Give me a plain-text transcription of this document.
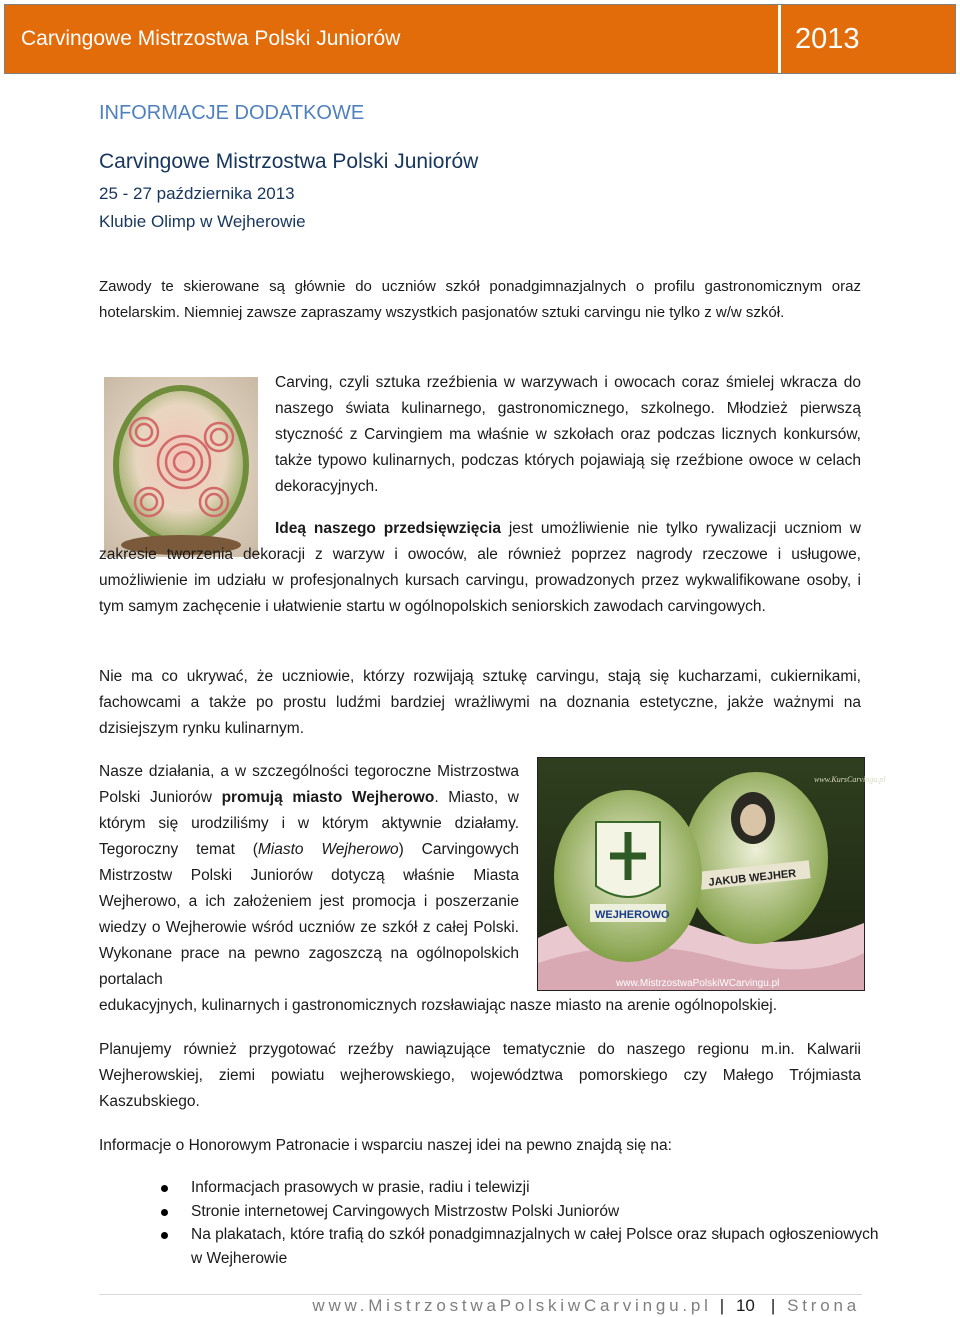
Carvingowe Mistrzostwa Polski Juniorów	2013
INFORMACJE DODATKOWE
Carvingowe Mistrzostwa Polski Juniorów
25 - 27 października 2013
Klubie Olimp w Wejherowie
Zawody te skierowane są głównie do uczniów szkół ponadgimnazjalnych o profilu gastronomicznym oraz hotelarskim. Niemniej zawsze zapraszamy wszystkich pasjonatów sztuki carvingu nie tylko z w/w szkół.
Carving, czyli sztuka rzeźbienia w warzywach i owocach coraz śmielej wkracza do naszego świata kulinarnego, gastronomicznego, szkolnego. Młodzież pierwszą styczność z Carvingiem ma właśnie w szkołach oraz podczas licznych konkursów, także typowo kulinarnych, podczas których pojawiają się rzeźbione owoce w celach dekoracyjnych.
Ideą naszego przedsięwzięcia jest umożliwienie nie tylko rywalizacji uczniom w zakresie tworzenia dekoracji z warzyw i owoców, ale również poprzez nagrody rzeczowe i usługowe, umożliwienie im udziału w profesjonalnych kursach carvingu, prowadzonych przez wykwalifikowane osoby, i tym samym zachęcenie i ułatwienie startu w ogólnopolskich seniorskich zawodach carvingowych.
Nie ma co ukrywać, że uczniowie, którzy rozwijają sztukę carvingu, stają się kucharzami, cukiernikami, fachowcami a także po prostu ludźmi bardziej wrażliwymi na doznania estetyczne, jakże ważnymi na dzisiejszym rynku kulinarnym.
Nasze działania, a w szczególności tegoroczne Mistrzostwa Polski Juniorów promują miasto Wejherowo. Miasto, w którym się urodziliśmy i w którym aktywnie działamy. Tegoroczny temat (Miasto Wejherowo) Carvingowych Mistrzostw Polski Juniorów dotyczą właśnie Miasta Wejherowo, a ich założeniem jest promocja i poszerzanie wiedzy o Wejherowie wśród uczniów ze szkół z całej Polski. Wykonane prace na pewno zagoszczą na ogólnopolskich portalach
edukacyjnych, kulinarnych i gastronomicznych rozsławiając nasze miasto na arenie ogólnopolskiej.
JAKUB WEJHER
WEJHEROWO
www.KursCarvingu.pl
www.MistrzostwaPolskiWCarvingu.pl
Planujemy również przygotować rzeźby nawiązujące tematycznie do naszego regionu m.in. Kalwarii Wejherowskiej, ziemi powiatu wejherowskiego, województwa pomorskiego czy Małego Trójmiasta Kaszubskiego.
Informacje o Honorowym Patronacie i wsparciu naszej idei na pewno znajdą się na:
Informacjach prasowych w prasie, radiu i telewizji
Stronie internetowej Carvingowych Mistrzostw Polski Juniorów
Na plakatach, które trafią do szkół ponadgimnazjalnych w całej Polsce oraz słupach ogłoszeniowych w Wejherowie
www.MistrzostwaPolskiwCarvingu.pl | 10 | Strona
